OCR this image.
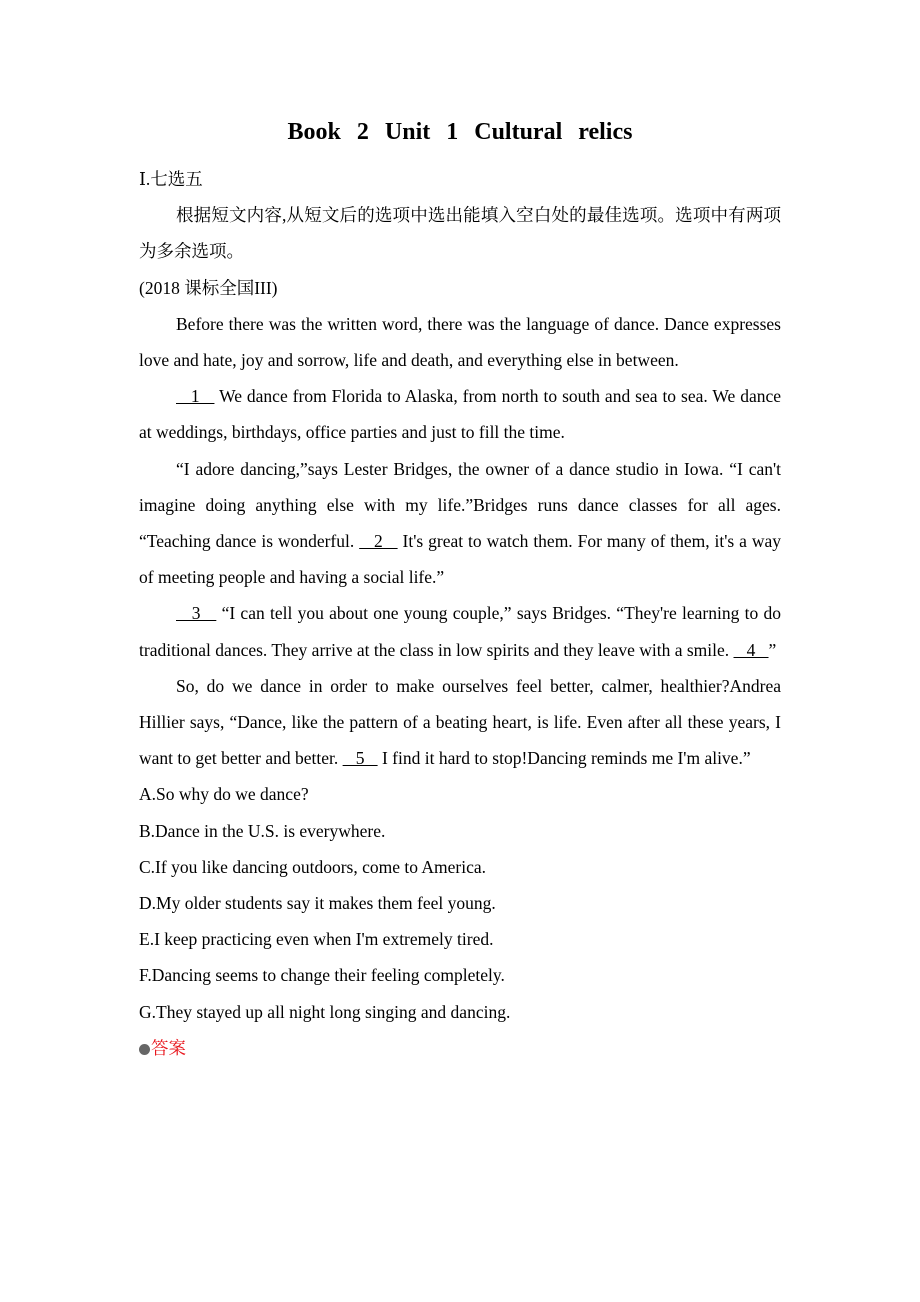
Book 2 Unit 1 Cultural relics

Ⅰ.七选五

根据短文内容,从短文后的选项中选出能填入空白处的最佳选项。选项中有两项为多余选项。

(2018 课标全国III)

Before there was the written word, there was the language of dance. Dance expresses love and hate, joy and sorrow, life and death, and everything else in between.

1    We dance from Florida to Alaska, from north to south and sea to sea. We dance at weddings, birthdays, office parties and just to fill the time.

“I adore dancing,”says Lester Bridges, the owner of a dance studio in Iowa. “I can't imagine doing anything else with my life.”Bridges runs dance classes for all ages. “Teaching dance is wonderful.    2    It's great to watch them. For many of them, it's a way of meeting people and having a social life.”

3    “I can tell you about one young couple,” says Bridges. “They're learning to do traditional dances. They arrive at the class in low spirits and they leave with a smile.    4   ”

So, do we dance in order to make ourselves feel better, calmer, healthier?Andrea Hillier says, “Dance, like the pattern of a beating heart, is life. Even after all these years, I want to get better and better.    5    I find it hard to stop!Dancing reminds me I'm alive.”

A.So why do we dance?

B.Dance in the U.S. is everywhere.

C.If you like dancing outdoors, come to America.

D.My older students say it makes them feel young.

E.I keep practicing even when I'm extremely tired.

F.Dancing seems to change their feeling completely.

G.They stayed up all night long singing and dancing.

答案
